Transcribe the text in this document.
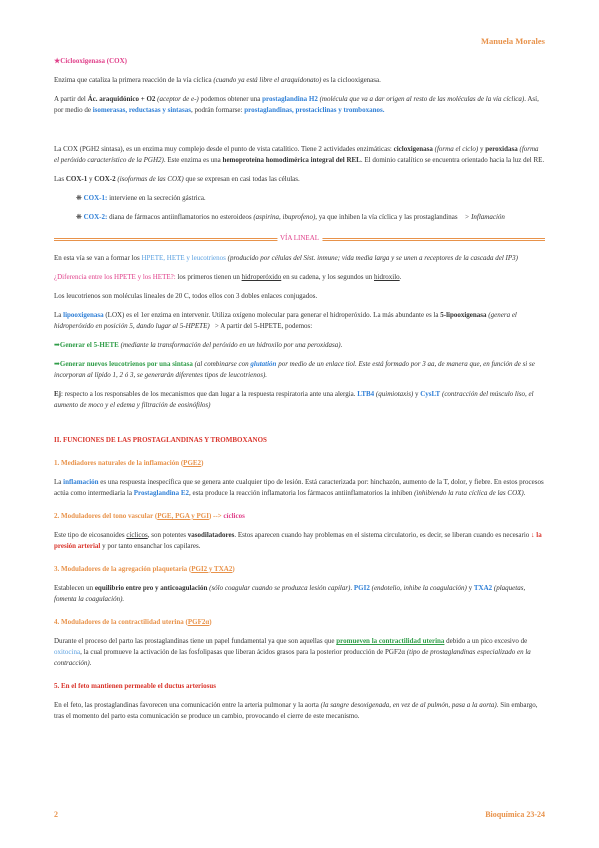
Manuela Morales

★Ciclooxigenasa (COX)

Enzima que cataliza la primera reacción de la vía cíclica (cuando ya está libre el araquidonato) es la ciclooxigenasa.

A partir del Ác. araquidónico + O2 (aceptor de e-) podemos obtener una prostaglandina H2 (molécula que va a dar origen al resto de las moléculas de la vía cíclica). Así, por medio de isomerasas, reductasas y sintasas, podrán formarse: prostaglandinas, prostaciclinas y tromboxanos.

La COX (PGH2 sintasa), es un enzima muy complejo desde el punto de vista catalítico. Tiene 2 actividades enzimáticas: cicloxigenasa (forma el ciclo) y peroxidasa (forma el peróxido característico de la PGH2). Este enzima es una hemoproteína homodimérica integral del REL. El dominio catalítico se encuentra orientado hacia la luz del RE.

Las COX-1 y COX-2 (isoformas de las COX) que se expresan en casi todas las células.

❋ COX-1: interviene en la secreción gástrica.

❋ COX-2: diana de fármacos antiinflamatorios no esteroideos (aspirina, ibuprofeno), ya que inhiben la vía cíclica y las prostaglandinas > Inflamación

VÍA LINEAL

En esta vía se van a formar los HPETE, HETE y leucotrienos (producido por células del Sist. inmune; vida media larga y se unen a receptores de la cascada del IP3)

¿Diferencia entre los HPETE y los HETE?: los primeros tienen un hidroperóxido en su cadena, y los segundos un hidroxilo.

Los leucotrienos son moléculas lineales de 20 C, todos ellos con 3 dobles enlaces conjugados.

La lipooxigenasa (LOX) es el 1er enzima en intervenir. Utiliza oxígeno molecular para generar el hidroperóxido. La más abundante es la 5-lipooxigenasa (genera el hidroperóxido en posición 5, dando lugar al 5-HPETE) > A partir del 5-HPETE, podemos:

➡Generar el 5-HETE (mediante la transformación del peróxido en un hidroxilo por una peroxidasa).

➡Generar nuevos leucotrienos por una sintasa (al combinarse con glutatión por medio de un enlace tiol. Este está formado por 3 aa, de manera que, en función de si se incorporan al lípido 1, 2 ó 3, se generarán diferentes tipos de leucotrienos).

Ej: respecto a los responsables de los mecanismos que dan lugar a la respuesta respiratoria ante una alergia. LTB4 (quimiotaxis) y CysLT (contracción del músculo liso, el aumento de moco y el edema y filtración de eosinófilos)

II. FUNCIONES DE LAS PROSTAGLANDINAS Y TROMBOXANOS

1. Mediadores naturales de la inflamación (PGE2)

La inflamación es una respuesta inespecífica que se genera ante cualquier tipo de lesión. Está caracterizada por: hinchazón, aumento de la T, dolor, y fiebre. En estos procesos actúa como intermediaria la Prostaglandina E2, esta produce la reacción inflamatoria los fármacos antiinflamatorios la inhiben (inhibiendo la ruta cíclica de las COX).

2. Moduladores del tono vascular (PGE, PGA y PGI) --> cíclicos

Este tipo de eicosanoides cíclicos, son potentes vasodilatadores. Estos aparecen cuando hay problemas en el sistema circulatorio, es decir, se liberan cuando es necesario ↓ la presión arterial y por tanto ensanchar los capilares.

3. Moduladores de la agregación plaquetaria (PGI2 y TXA2)

Establecen un equilibrio entre pro y anticoagulación (sólo coagular cuando se produzca lesión capilar). PGI2 (endotelio, inhibe la coagulación) y TXA2 (plaquetas, fomenta la coagulación).

4. Moduladores de la contractilidad uterina (PGF2α)

Durante el proceso del parto las prostaglandinas tiene un papel fundamental ya que son aquellas que promueven la contractilidad uterina debido a un pico excesivo de oxitocina, la cual promueve la activación de las fosfolipasas que liberan ácidos grasos para la posterior producción de PGF2α (tipo de prostaglandinas especializado en la contracción).

5. En el feto mantienen permeable el ductus arteriosus

En el feto, las prostaglandinas favorecen una comunicación entre la arteria pulmonar y la aorta (la sangre desoxigenada, en vez de al pulmón, pasa a la aorta). Sin embargo, tras el momento del parto esta comunicación se produce un cambio, provocando el cierre de este mecanismo.

2	Bioquímica 23-24
